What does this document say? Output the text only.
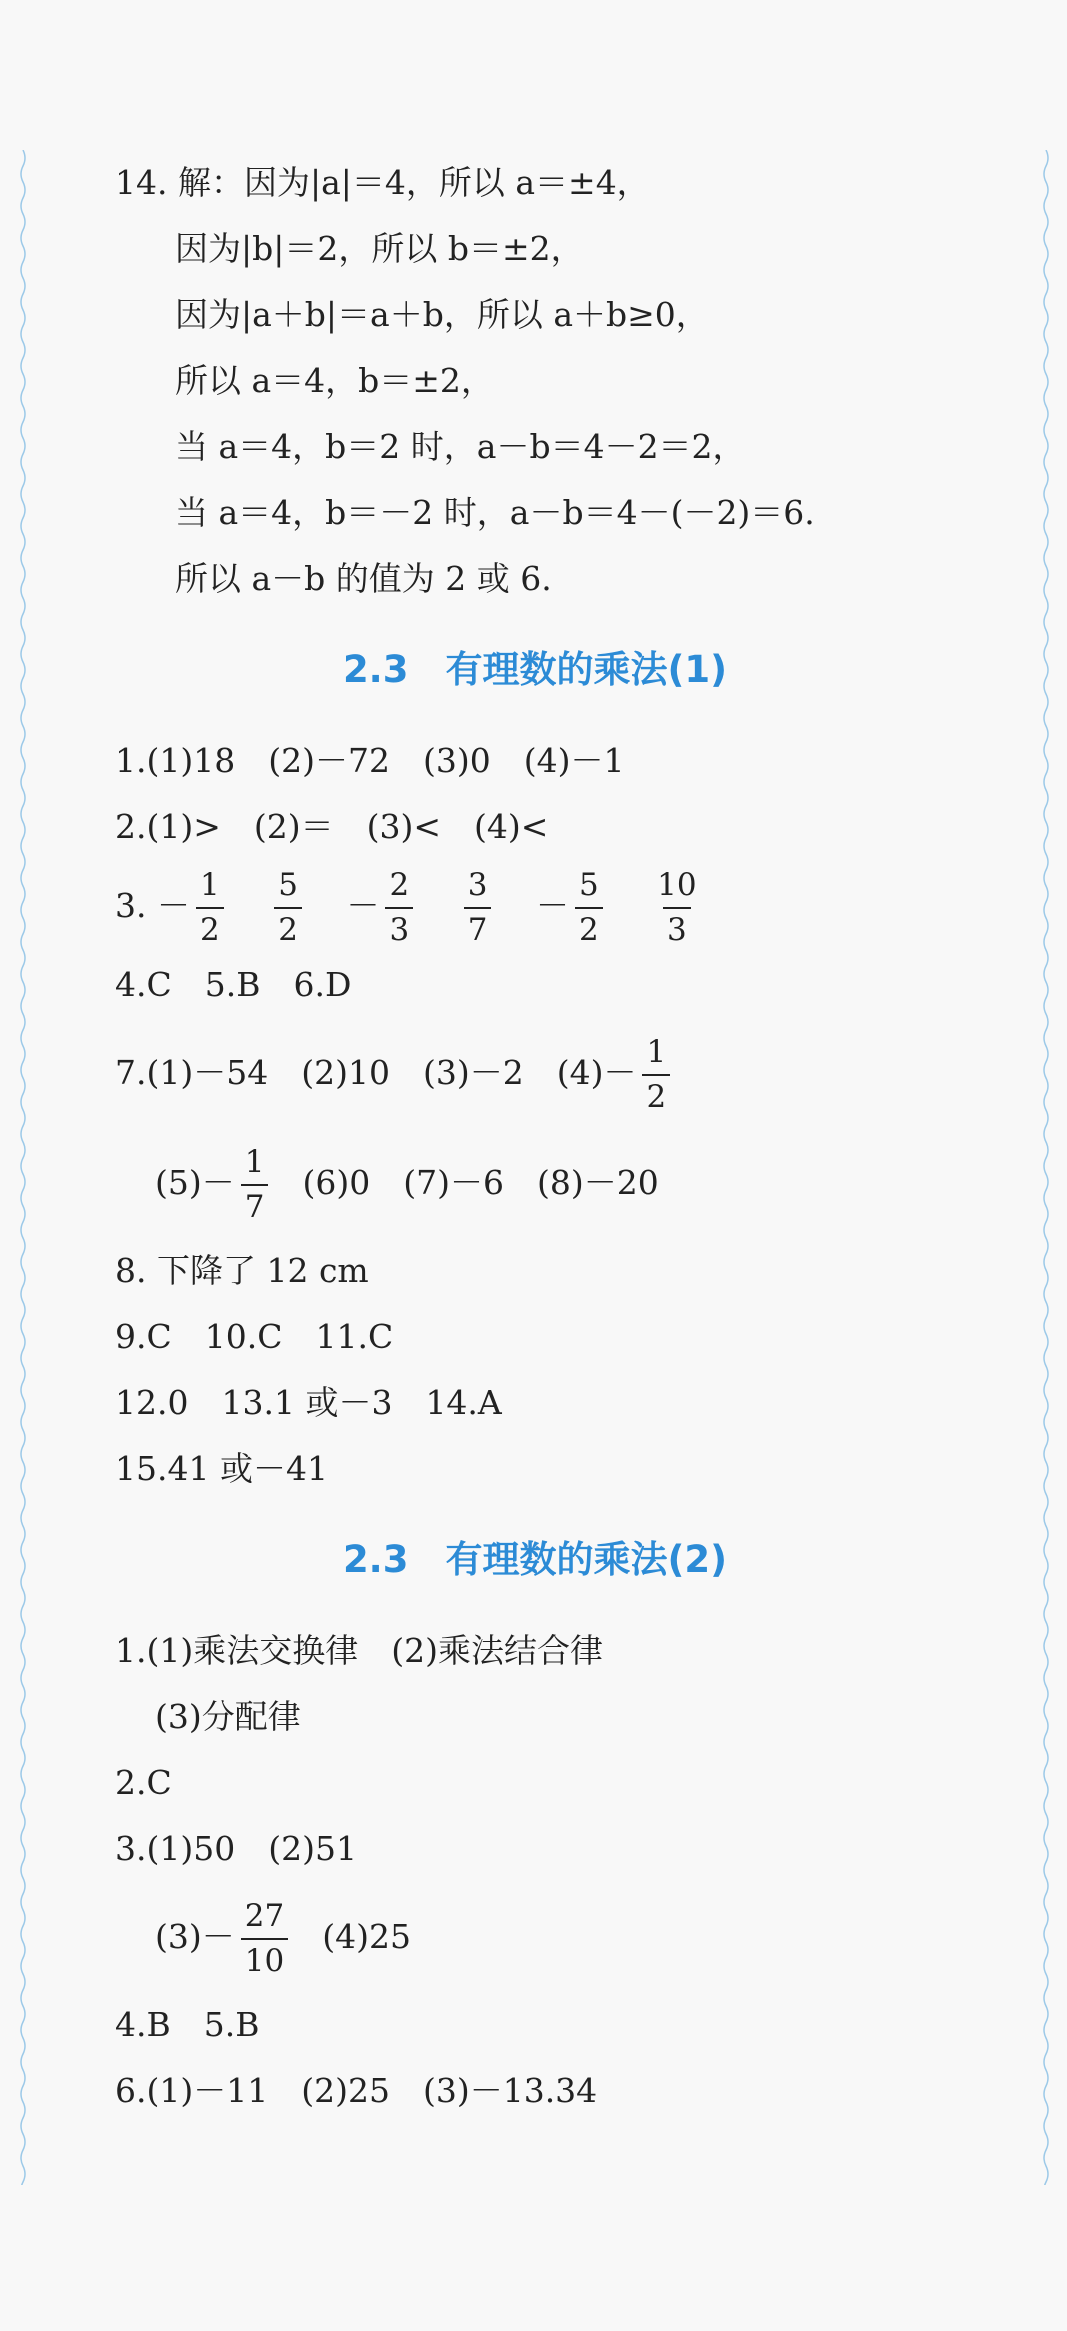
14. 解：因为|a|＝4，所以 a＝±4，
因为|b|＝2，所以 b＝±2，
因为|a＋b|＝a＋b，所以 a＋b≥0，
所以 a＝4，b＝±2，
当 a＝4，b＝2 时，a－b＝4－2＝2，
当 a＝4，b＝－2 时，a－b＝4－(－2)＝6.
所以 a－b 的值为 2 或 6.
2.3　有理数的乘法(1)
1.(1)18　(2)－72　(3)0　(4)－1
2.(1)>　(2)＝　(3)<　(4)<
3. － $\frac{1}{2}$
$\frac{5}{2} - \frac{2}{3}$
$\frac{3}{7} - \frac{5}{2}$
$\frac{10}{3}$
4.C　5.B　6.D
7.(1)－54　(2)10　(3)－2　$(4)- \frac{1}{2}$
$(5)- \frac{1}{7} (6)0$　(7)－6　(8)－20
8. 下降了 12 cm
9.C　10.C　11.C
12.0　13.1 或－3　14.A
15.41 或－41
2.3　有理数的乘法(2)
1.(1)乘法交换律　(2)乘法结合律
(3)分配律
2.C
3.(1)50　(2)51
$(3)- \frac{27}{10} (4)25$
4.B　5.B
6.(1)－11　(2)25　(3)－13.34
